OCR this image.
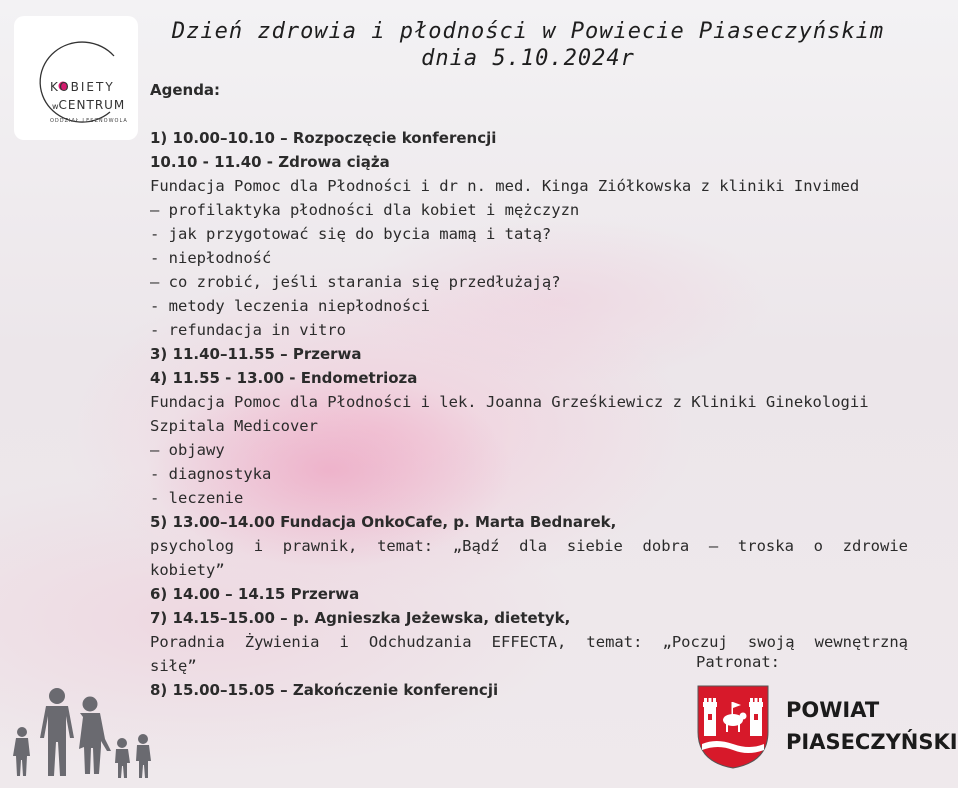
KOBIETY
wCENTRUM
ODDZIAŁ LESZNOWOLA
Dzień zdrowia i płodności w Powiecie Piaseczyńskim
dnia 5.10.2024r
Agenda:
1) 10.00–10.10 – Rozpoczęcie konferencji
10.10 - 11.40 - Zdrowa ciąża
Fundacja Pomoc dla Płodności i dr n. med. Kinga Ziółkowska z kliniki Invimed
– profilaktyka płodności dla kobiet i mężczyzn
- jak przygotować się do bycia mamą i tatą?
- niepłodność
– co zrobić, jeśli starania się przedłużają?
- metody leczenia niepłodności
- refundacja in vitro
3) 11.40–11.55 – Przerwa
4) 11.55 - 13.00 - Endometrioza
Fundacja Pomoc dla Płodności i lek. Joanna Grześkiewicz z Kliniki Ginekologii
Szpitala Medicover
– objawy
- diagnostyka
- leczenie
5) 13.00–14.00 Fundacja OnkoCafe, p. Marta Bednarek,
psycholog i prawnik, temat: „Bądź dla siebie dobra – troska o zdrowie
kobiety”
6) 14.00 – 14.15 Przerwa
7) 14.15–15.00 – p. Agnieszka Jeżewska, dietetyk,
Poradnia Żywienia i Odchudzania EFFECTA, temat: „Poczuj swoją wewnętrzną
siłę”
8) 15.00–15.05 – Zakończenie konferencji
Patronat:
POWIAT
PIASECZYŃSKI
